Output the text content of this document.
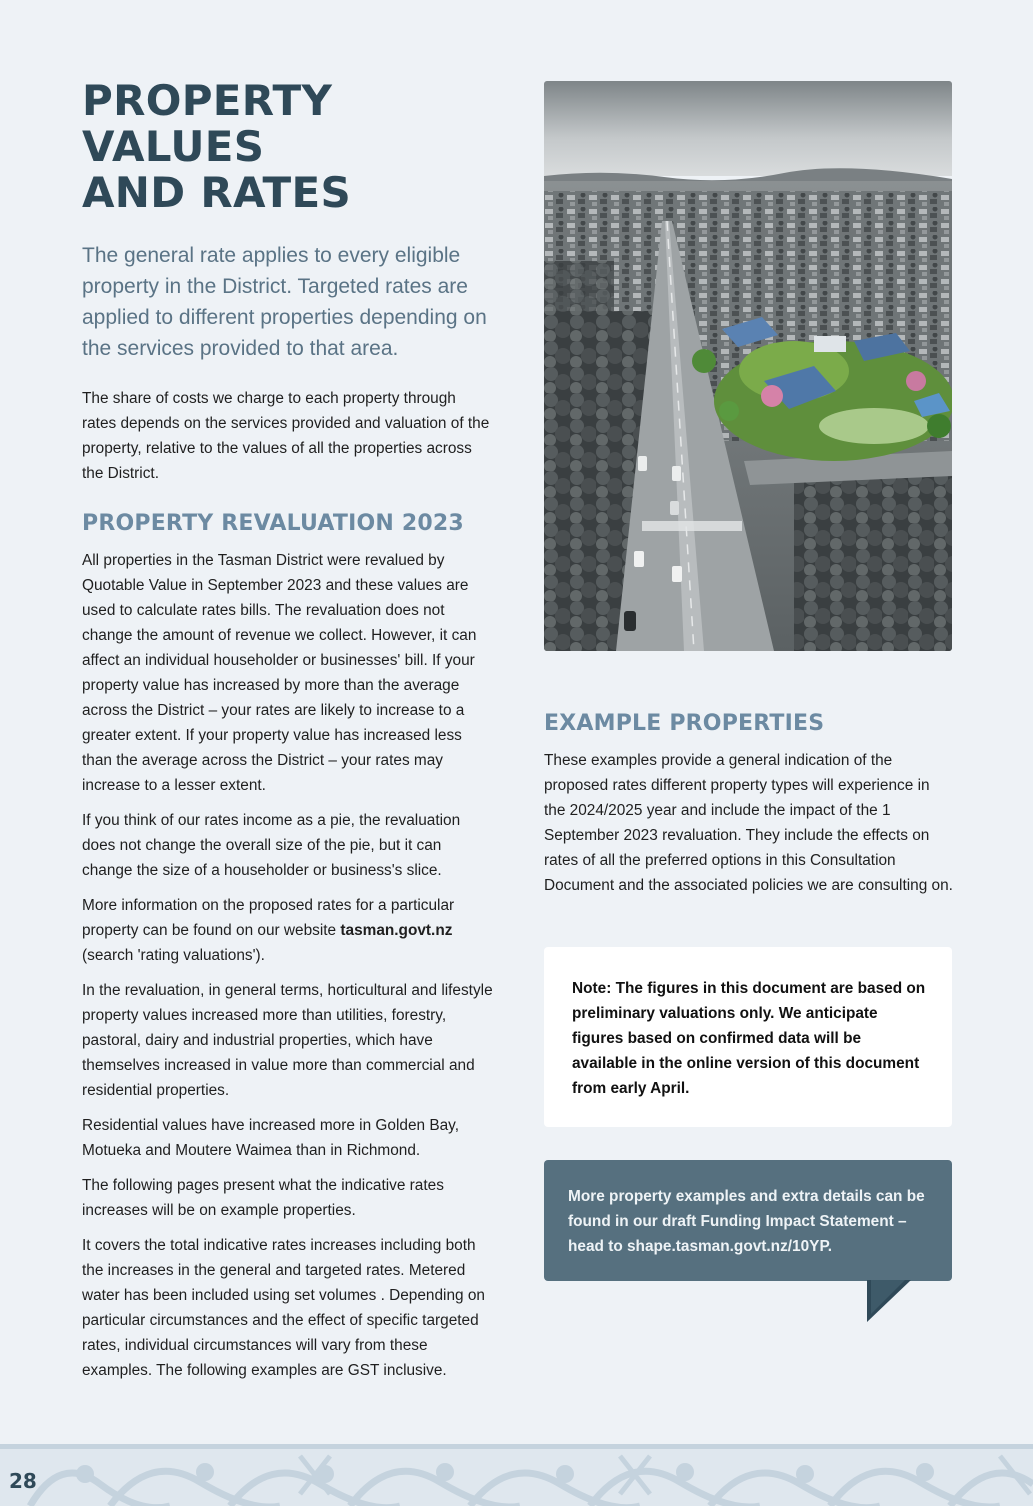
PROPERTY VALUES
AND RATES

The general rate applies to every eligible property in the District. Targeted rates are applied to different properties depending on the services provided to that area.

The share of costs we charge to each property through rates depends on the services provided and valuation of the property, relative to the values of all the properties across the District.

PROPERTY REVALUATION 2023

All properties in the Tasman District were revalued by Quotable Value in September 2023 and these values are used to calculate rates bills. The revaluation does not change the amount of revenue we collect. However, it can affect an individual householder or businesses' bill. If your property value has increased by more than the average across the District – your rates are likely to increase to a greater extent. If your property value has increased less than the average across the District – your rates may increase to a lesser extent.

If you think of our rates income as a pie, the revaluation does not change the overall size of the pie, but it can change the size of a householder or business's slice.

More information on the proposed rates for a particular property can be found on our website tasman.govt.nz (search 'rating valuations').

In the revaluation, in general terms, horticultural and lifestyle property values increased more than utilities, forestry, pastoral, dairy and industrial properties, which have themselves increased in value more than commercial and residential properties.

Residential values have increased more in Golden Bay, Motueka and Moutere Waimea than in Richmond.

The following pages present what the indicative rates increases will be on example properties.

It covers the total indicative rates increases including both the increases in the general and targeted rates. Metered water has been included using set volumes . Depending on particular circumstances and the effect of specific targeted rates, individual circumstances will vary from these examples. The following examples are GST inclusive.

EXAMPLE PROPERTIES

These examples provide a general indication of the proposed rates different property types will experience in the 2024/2025 year and include the impact of the 1 September 2023 revaluation. They include the effects on rates of all the preferred options in this Consultation Document and the associated policies we are consulting on.

Note: The figures in this document are based on preliminary valuations only. We anticipate figures based on confirmed data will be available in the online version of this document from early April.

More property examples and extra details can be found in our draft Funding Impact Statement – head to shape.tasman.govt.nz/10YP.

28
